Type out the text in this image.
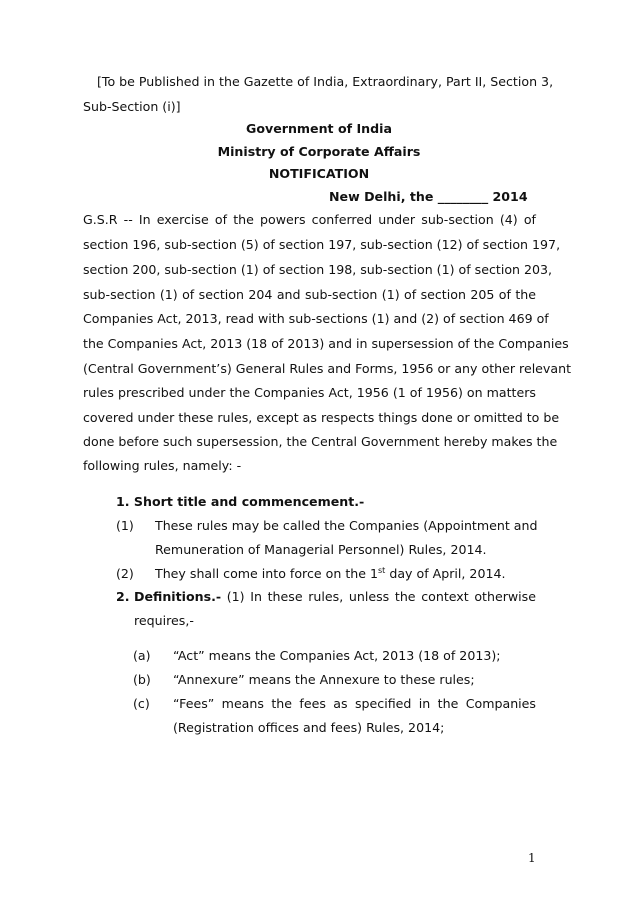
[To be Published in the Gazette of India, Extraordinary, Part II, Section 3,
Sub-Section (i)]
Government of India
Ministry of Corporate Affairs
NOTIFICATION
New Delhi, the ________ 2014
G.S.R -- In exercise of the powers conferred under sub-section (4) of
section 196, sub-section (5) of section 197, sub-section (12) of section 197,
section 200, sub-section (1) of section 198, sub-section (1) of section 203,
sub-section (1) of section 204 and sub-section (1) of section 205 of the
Companies Act, 2013, read with sub-sections (1) and (2) of section 469 of
the Companies Act, 2013 (18 of 2013) and in supersession of the Companies
(Central Government’s) General Rules and Forms, 1956 or any other relevant
rules prescribed under the Companies Act, 1956 (1 of 1956) on matters
covered under these rules, except as respects things done or omitted to be
done before such supersession, the Central Government hereby makes the
following rules, namely: -
1. Short title and commencement.-
(1) These rules may be called the Companies (Appointment and
Remuneration of Managerial Personnel) Rules, 2014.
(2) They shall come into force on the 1st day of April, 2014.
2. Definitions.- (1) In these rules, unless the context otherwise
requires,-
(a) “Act” means the Companies Act, 2013 (18 of 2013);
(b) “Annexure” means the Annexure to these rules;
(c) “Fees” means the fees as specified in the Companies
(Registration offices and fees) Rules, 2014;
1
